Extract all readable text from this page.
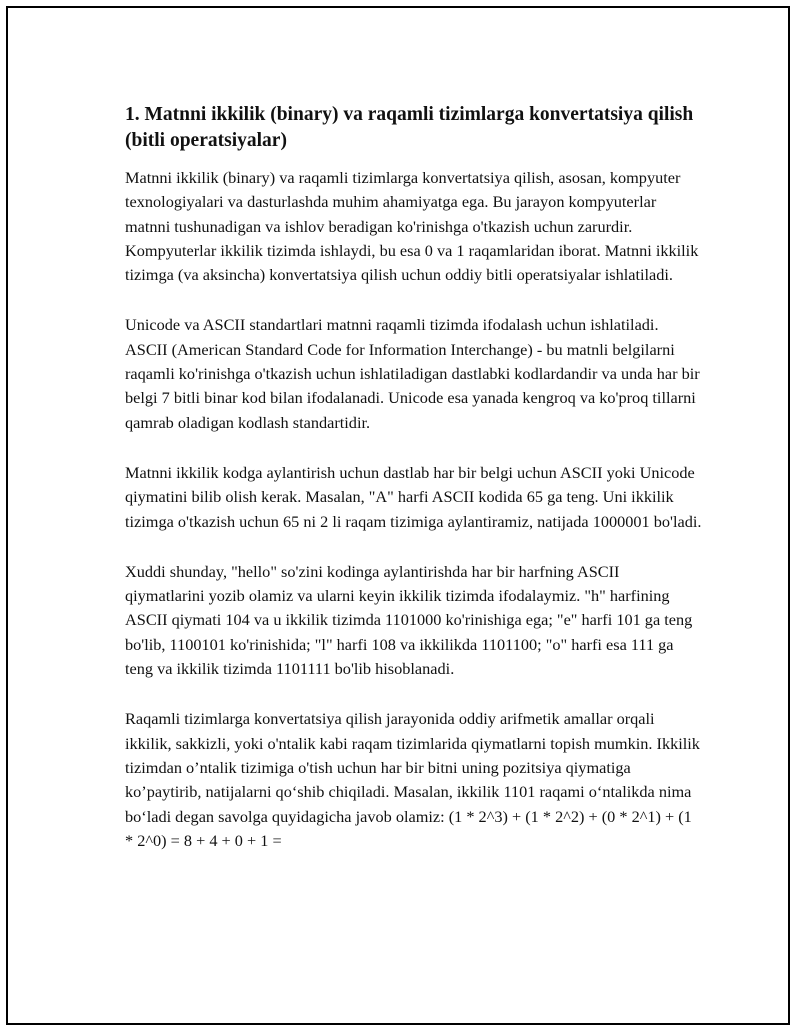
1. Matnni ikkilik (binary) va raqamli tizimlarga konvertatsiya qilish (bitli operatsiyalar)

Matnni ikkilik (binary) va raqamli tizimlarga konvertatsiya qilish, asosan, kompyuter texnologiyalari va dasturlashda muhim ahamiyatga ega. Bu jarayon kompyuterlar matnni tushunadigan va ishlov beradigan ko'rinishga o'tkazish uchun zarurdir. Kompyuterlar ikkilik tizimda ishlaydi, bu esa 0 va 1 raqamlaridan iborat. Matnni ikkilik tizimga (va aksincha) konvertatsiya qilish uchun oddiy bitli operatsiyalar ishlatiladi.

Unicode va ASCII standartlari matnni raqamli tizimda ifodalash uchun ishlatiladi. ASCII (American Standard Code for Information Interchange) - bu matnli belgilarni raqamli ko'rinishga o'tkazish uchun ishlatiladigan dastlabki kodlardandir va unda har bir belgi 7 bitli binar kod bilan ifodalanadi. Unicode esa yanada kengroq va ko'proq tillarni qamrab oladigan kodlash standartidir.

Matnni ikkilik kodga aylantirish uchun dastlab har bir belgi uchun ASCII yoki Unicode qiymatini bilib olish kerak. Masalan, "A" harfi ASCII kodida 65 ga teng. Uni ikkilik tizimga o'tkazish uchun 65 ni 2 li raqam tizimiga aylantiramiz, natijada 1000001 bo'ladi.

Xuddi shunday, "hello" so'zini kodinga aylantirishda har bir harfning ASCII qiymatlarini yozib olamiz va ularni keyin ikkilik tizimda ifodalaymiz. "h" harfining ASCII qiymati 104 va u ikkilik tizimda 1101000 ko'rinishiga ega; "e" harfi 101 ga teng bo'lib, 1100101 ko'rinishida; "l" harfi 108 va ikkilikda 1101100; "o" harfi esa 111 ga teng va ikkilik tizimda 1101111 bo'lib hisoblanadi.

Raqamli tizimlarga konvertatsiya qilish jarayonida oddiy arifmetik amallar orqali ikkilik, sakkizli, yoki o'ntalik kabi raqam tizimlarida qiymatlarni topish mumkin. Ikkilik tizimdan o’ntalik tizimiga o'tish uchun har bir bitni uning pozitsiya qiymatiga ko’paytirib, natijalarni qo‘shib chiqiladi. Masalan, ikkilik 1101 raqami o‘ntalikda nima bo‘ladi degan savolga quyidagicha javob olamiz: (1 * 2^3) + (1 * 2^2) + (0 * 2^1) + (1 * 2^0) = 8 + 4 + 0 + 1 =
